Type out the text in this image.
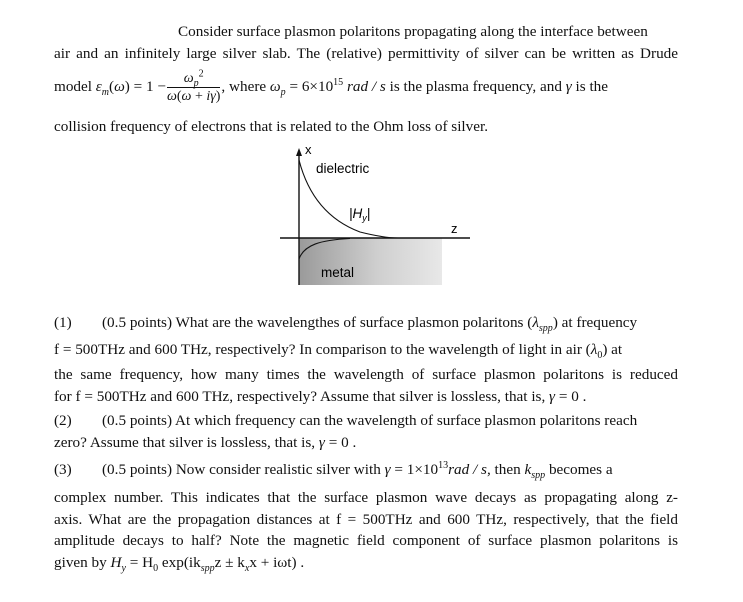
Consider surface plasmon polaritons propagating along the interface between
air and an infinitely large silver slab. The (relative) permittivity of silver can be written as Drude
model $\varepsilon_m(\omega) = 1 - \frac{\omega_p^2}{\omega(\omega + i\gamma)}$ , where $\omega_p = 6\times 10^{15}$ rad / s is the plasma frequency, and γ is the
collision frequency of electrons that is related to the Ohm loss of silver.
x
z
dielectric
metal
$|H_y|$
(1) (0.5 points) What are the wavelengthes of surface plasmon polaritons $(\lambda_{spp})$ at frequency
f = 500THz and 600 THz, respectively? In comparison to the wavelength of light in air $(\lambda_0)$ at
the same frequency, how many times the wavelength of surface plasmon polaritons is reduced
for f = 500THz and 600 THz, respectively? Assume that silver is lossless, that is, γ = 0 .
(2) (0.5 points) At which frequency can the wavelength of surface plasmon polaritons reach
zero? Assume that silver is lossless, that is, γ = 0 .
(3) (0.5 points) Now consider realistic silver with $\gamma = 1\times 10^{13}rad / s$, then $k_{spp}$ becomes a
complex number. This indicates that the surface plasmon wave decays as propagating along z-
axis. What are the propagation distances at f = 500THz and 600 THz, respectively, that the field
amplitude decays to half? Note the magnetic field component of surface plasmon polaritons is
given by $H_y = H_0$ $\exp(ik_{spp}z \pm k_xx + i\omega t)$ .
